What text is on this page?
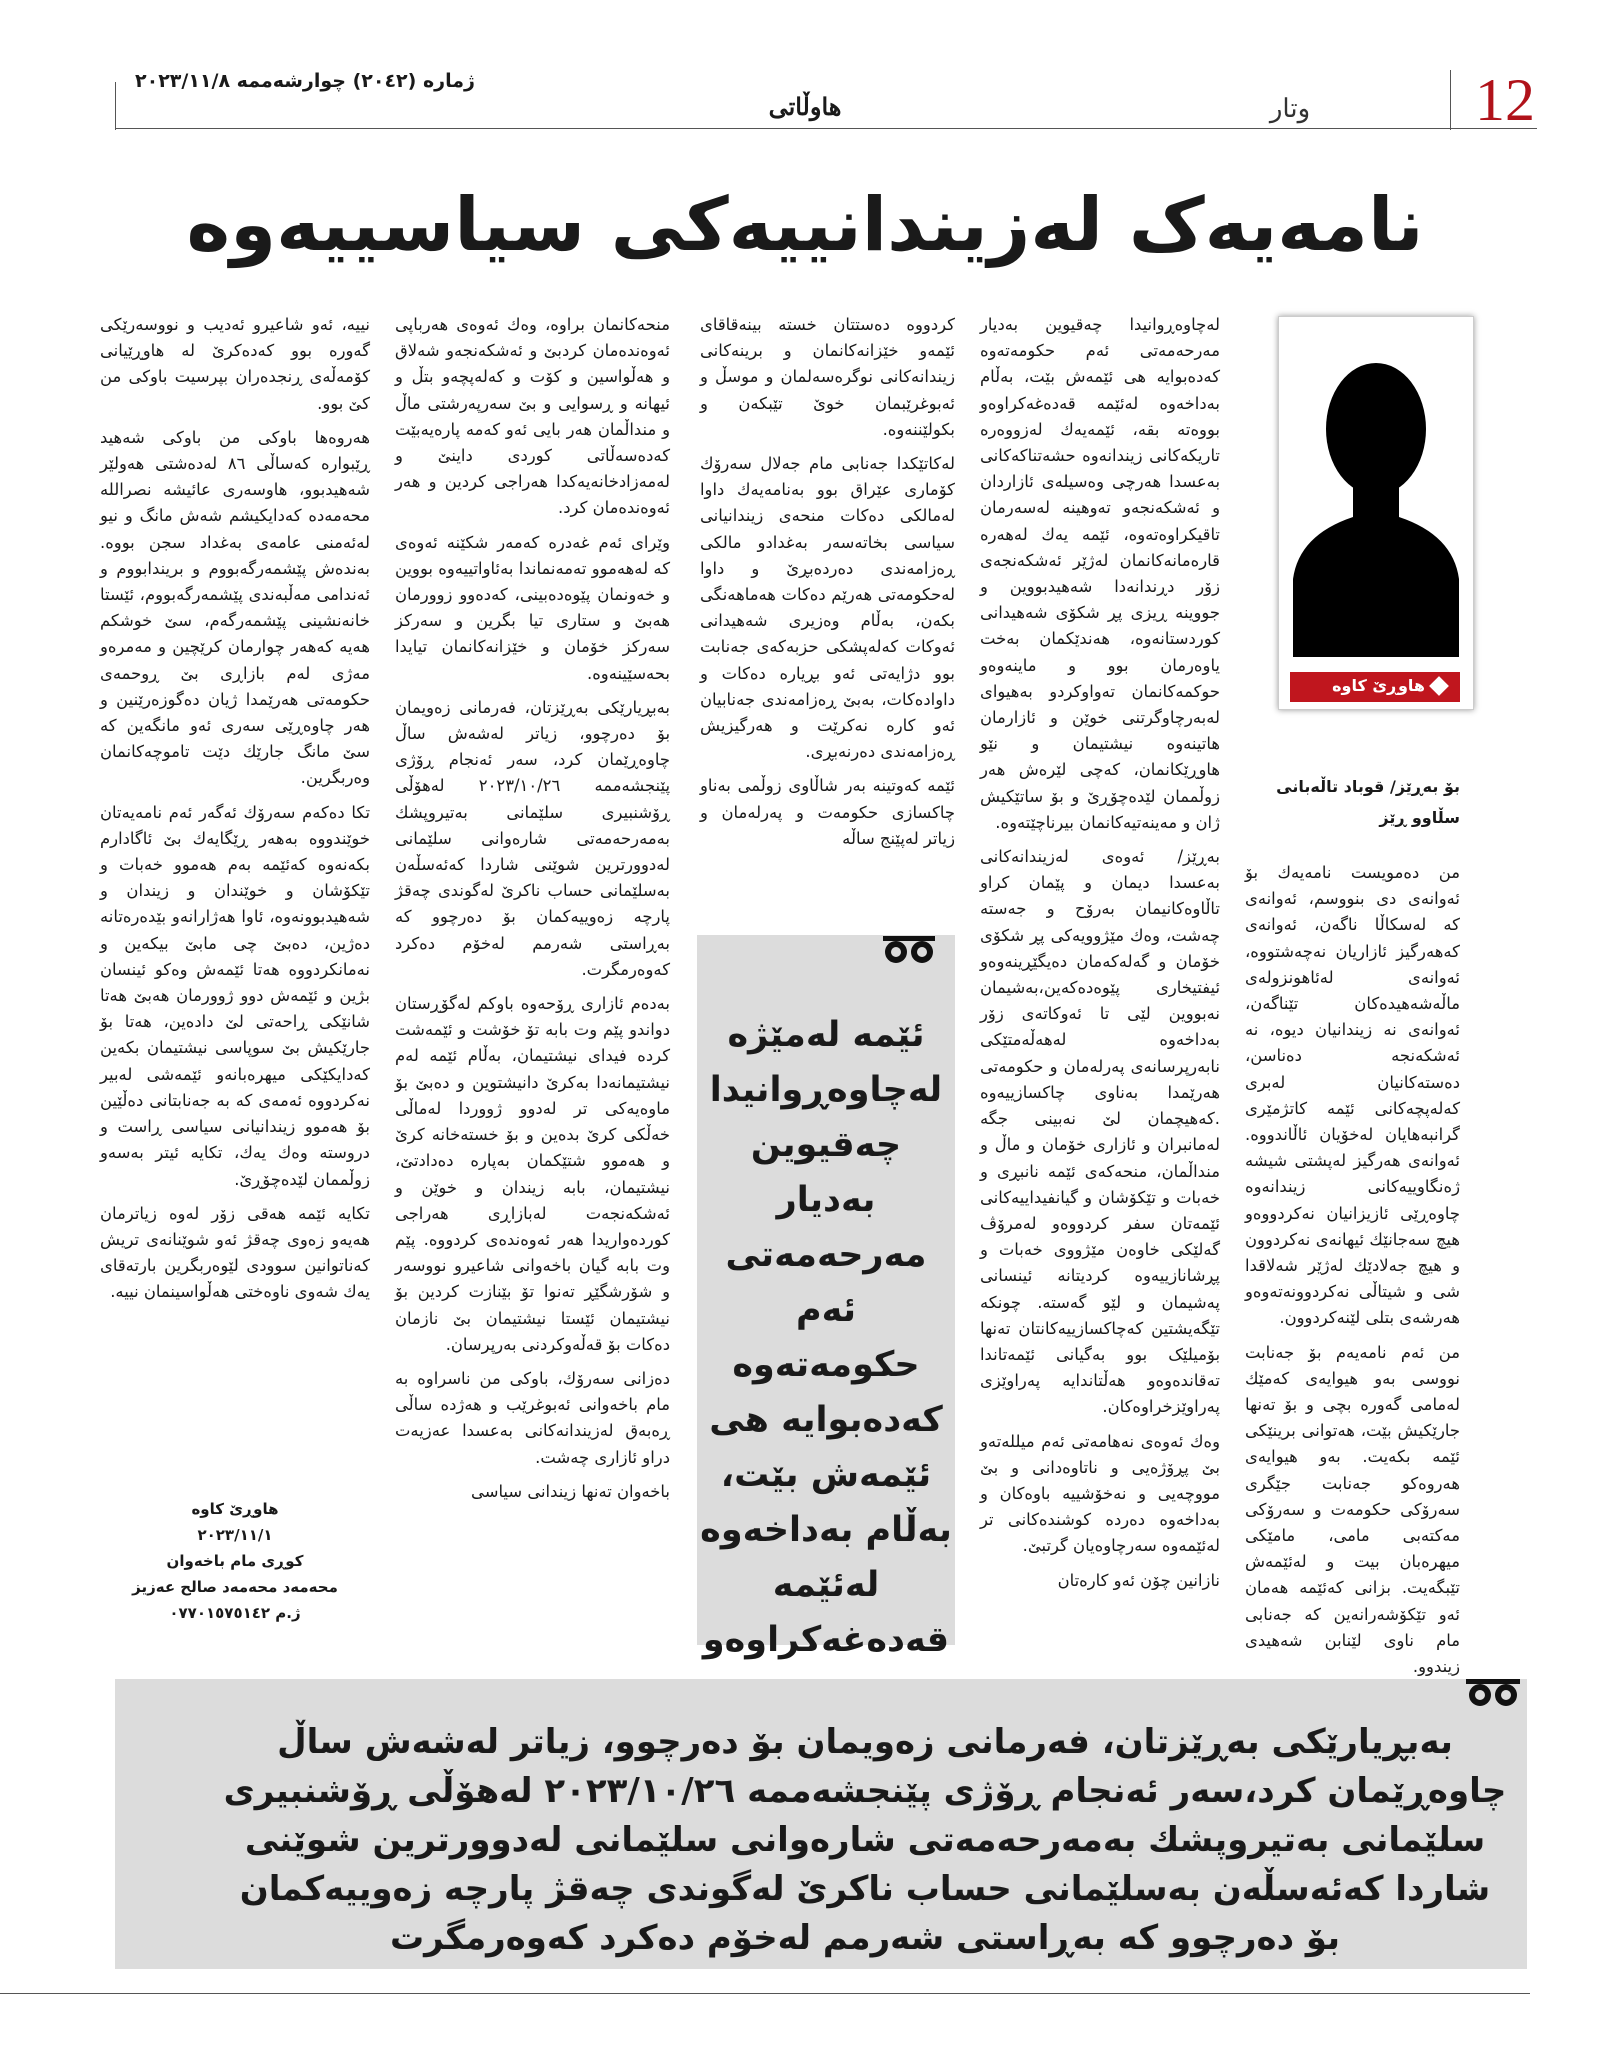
ژمارە (٢٠٤٢) چوارشەممە ٢٠٢٣/١١/٨
هاوڵاتی	وتار	12
نامەیەک لەزیندانییەکی سیاسییەوە
هاوڕێ کاوە
بۆ بەڕێز/ قوباد تاڵەبانی
سڵاوو ڕێز

من دەمویست نامەیەك بۆ ئەوانەی دی بنووسم، ئەوانەی كە لەسكاڵا ناگەن، ئەوانەی كەهەرگیز ئازاریان نەچەشتووە، ئەوانەی لەئاهونزولەی ماڵەشەهیدەکان تێناگەن، ئەوانەی نە زیندانیان دیوە، نە ئەشکەنجە دەناسن، دەستەکانیان لەبری کەلەپچەکانی ئێمە کاتژمێری گرانبەهایان لەخۆیان ئاڵاندووە. ئەوانەی هەرگیز لەپشتی شیشە ژەنگاوییەکانی زیندانەوە چاوەڕێی ئازیزانیان نەکردووەو هیچ سەجانێك ئیهانەی نەکردوون و هیچ جەلادێك لەژێر شەلاقدا شی و شیتاڵی نەکردوونەتەوەو هەرشەی بتلی لێنەکردوون.

من ئەم نامەیەم بۆ جەنابت نووسی بەو هیوایەی کەمێك لەمامی گەورە بچی و بۆ تەنها جارێکیش بێت، هەتوانی برینێکی ئێمە بکەیت. بەو هیوایەی هەروەکو جەنابت جێگری سەرۆکی حکومەت و سەرۆکی مەکتەبی مامی، مامێکی میهرەبان بیت و لەئێمەش تێبگەیت. بزانی کەئێمە هەمان ئەو تێکۆشەرانەین کە جەنابی مام ناوی لێنابن شەهیدی زیندوو.

لەچاوەڕوانیدا چەقیوین بەدیار مەرحەمەتی ئەم حکومەتەوە کەدەبوایە هی ئێمەش بێت، بەڵام بەداخەوە لەئێمە قەدەغەکراوەو بووەتە بقە، ئێمەیەك لەزووەرە تاریکەکانی زیندانەوە حشەتناکەکانی بەعسدا هەرچی وەسیلەی ئازاردان و ئەشکەنجەو تەوهینە لەسەرمان تاقیکراوەتەوە، ئێمە یەك لەهەرە قارەمانەکانمان لەژێر ئەشکەنجەی زۆر دڕندانەدا شەهیدبووین و جووینە ڕیزی پڕ شکۆی شەهیدانی کوردستانەوە، هەندێکمان بەخت یاوەرمان بوو و ماینەوەو حوکمەکانمان تەواوکردو بەهیوای لەبەرچاوگرتنی خوێن و ئازارمان هاتینەوە نیشتیمان و نێو هاوڕێکانمان، کەچی لێرەش هەر زوڵممان لێدەچۆڕێ و بۆ ساتێکیش ژان و مەینەتیەکانمان بیرناچێتەوە.

بەڕێز/ ئەوەی لەزیندانەکانی بەعسدا دیمان و پێمان کراو تاڵاوەکانیمان بەرۆح و جەستە چەشت، وەك مێژوویەکی پڕ شکۆی خۆمان و گەلەکەمان دەیگێڕینەوەو ئیفتیخاری پێوەدەکەین،بەشیمان نەبووین لێی تا ئەوکاتەی زۆر بەداخەوە لەهەڵەمتێکی نابەرپرسانەی پەرلەمان و حکومەتی هەرێمدا بەناوی چاکسازییەوە .کەهیچمان لێ نەبینی جگە لەمانبران و ئازاری خۆمان و ماڵ و منداڵمان، منحەکەی ئێمە نانبڕی و خەبات و تێکۆشان و گیانفیداییەکانی ئێمەتان سفر کردووەو لەمرۆڤ گەلێکی خاوەن مێژووی خەبات و پڕشانازییەوە کردیتانە ئینسانی پەشیمان و لێو گەستە. چونکە تێگەیشتین کەچاکسازییەکانتان تەنها بۆمیلێک بوو بەگیانی ئێمەتاندا تەقاندەوەو هەڵتاندایە پەراوێزی پەراوێزخراوەکان.

وەك ئەوەی نەهامەتی ئەم میللەتەو بێ پڕۆژەیی و ناتاوەدانی و بێ مووچەیی و نەخۆشییە باوەکان و بەداخەوە دەردە کوشندەکانی تر لەئێمەوە سەرچاوەیان گرتبێ.

نازانین چۆن ئەو کارەتان

کردووە دەستتان خستە بینەقاقای ئێمەو خێزانەکانمان و برینەکانی زیندانەکانی نوگرەسەلمان و موسڵ و ئەبوغرێبمان خوێ تێبکەن و بکولێننەوە.

لەکاتێکدا جەنابی مام جەلال سەرۆك کۆماری عێراق بوو بەنامەیەك داوا لەمالکی دەکات منحەی زیندانیانی سیاسی بخاتەسەر بەغدادو مالکی ڕەزامەندی دەردەبڕێ و داوا لەحکومەتی هەرێم دەکات هەماهەنگی بکەن، بەڵام وەزیری شەهیدانی ئەوکات کەلەپشکی حزبەکەی جەنابت بوو دژایەتی ئەو بڕیارە دەکات و داوادەکات، بەبێ ڕەزامەندی جەنابیان ئەو کارە نەکرێت و هەرگیزیش ڕەزامەندی دەرنەبڕی.

ئێمە کەوتینە بەر شاڵاوی زوڵمی بەناو چاکسازی حکومەت و پەرلەمان و زیاتر لەپێنج ساڵە

منحەکانمان براوە، وەك ئەوەی هەرباپی ئەوەندەمان کردبێ و ئەشکەنجەو شەلاق و هەڵواسین و کۆت و کەلەپچەو بتڵ و ئیهانە و ڕسوایی و بێ سەرپەرشتی ماڵ و منداڵمان هەر بایی ئەو کەمە پارەیەبێت کەدەسەڵاتی کوردی داینێ و لەمەزادخانەیەکدا هەراجی کردین و هەر ئەوەندەمان کرد.

وێرای ئەم غەدرە کەمەر شکێنە ئەوەی کە لەهەموو تەمەنماندا بەئاواتییەوە بووین و خەونمان پێوەدەبینی، کەدەوو زوورمان هەبێ و ستاری تیا بگرین و سەرکز سەرکز خۆمان و خێزانەکانمان تیایدا بحەسێینەوە.

بەبڕیارێکی بەڕێزتان، فەرمانی زەویمان بۆ دەرچوو، زیاتر لەشەش ساڵ چاوەڕێمان کرد، سەر ئەنجام ڕۆژی پێنجشەممە ٢٠٢٣/١٠/٢٦ لەهۆڵی ڕۆشنبیری سلێمانی بەتیروپشك بەمەرحەمەتی شارەوانی سلێمانی لەدوورترین شوێنی شاردا کەئەسڵەن بەسلێمانی حساب ناکرێ لەگوندی چەقژ پارچە زەوییەکمان بۆ دەرچوو کە بەڕاستی شەرمم لەخۆم دەکرد کەوەرمگرت.

بەدەم ئازاری ڕۆحەوە باوکم لەگۆڕستان دواندو پێم وت بابە تۆ خۆشت و ئێمەشت کردە فیدای نیشتیمان، بەڵام ئێمە لەم نیشتیمانەدا بەکرێ دانیشتوین و دەبێ بۆ ماوەیەکی تر لەدوو ژووردا لەماڵی خەڵکی کرێ بدەین و بۆ خستەخانە کرێ و هەموو شتێکمان بەپارە دەدادتێ، نیشتیمان، بابە زیندان و خوێن و ئەشکەنجەت لەبازاڕی هەراجی کوردەواریدا هەر ئەوەندەی کردووە. پێم وت بابە گیان باخەوانی شاعیرو نووسەر و شۆرشگێڕ تەنوا تۆ بێنازت کردین بۆ نیشتیمان ئێستا نیشتیمان بێ نازمان دەکات بۆ قەڵەوکردنی بەرپرسان.

دەزانی سەرۆك، باوکی من ناسراوە بە مام باخەوانی ئەبوغرێب و هەژدە ساڵی ڕەبەق لەزیندانەکانی بەعسدا عەزیەت دراو ئازاری چەشت.

باخەوان تەنها زیندانی سیاسی

نییە، ئەو شاعیرو ئەدیب و نووسەرێکی گەورە بوو کەدەکرێ لە هاوڕێیانی کۆمەڵەی ڕنجدەران بپرسیت باوکی من کێ بوو.

هەروەها باوکی من باوکی شەهید ڕێبوارە کەساڵی ٨٦ لەدەشتی هەولێر شەهیدبوو، هاوسەری عائیشە نصراللە محەمەدە کەدایکیشم شەش مانگ و نیو لەئەمنی عامەی بەغداد سجن بووە. بەندەش پێشمەرگەبووم و بریندابووم و ئەندامی مەڵبەندی پێشمەرگەبووم، ئێستا خانەنشینی پێشمەرگەم، سێ خوشکم هەیە کەهەر چوارمان کرێچین و مەمرەو مەژی لەم بازاڕی بێ ڕوحمەی حکومەتی هەرێمدا ژیان دەگوزەرێنین و هەر چاوەڕێی سەری ئەو مانگەین کە سێ مانگ جارێك دێت تاموچەکانمان وەربگرین.

تکا دەکەم سەرۆك ئەگەر ئەم نامەیەتان خوێندووە بەهەر ڕێگایەك بێ ئاگادارم بکەنەوە کەئێمە بەم هەموو خەبات و تێکۆشان و خوێندان و زیندان و شەهیدبوونەوە، ئاوا هەژارانەو بێدەرەتانە دەژین، دەبێ چی مابێ بیکەین و نەمانکردووە هەتا ئێمەش وەکو ئینسان بژین و ئێمەش دوو ژوورمان هەبێ هەتا شانێکی ڕاحەتی لێ دادەین، هەتا بۆ جارێکیش بێ سوپاسی نیشتیمان بکەین کەدایکێکی میهرەبانەو ئێمەشی لەبیر نەکردووە ئەمەی کە بە جەنابتانی دەڵێین بۆ هەموو زیندانیانی سیاسی ڕاست و دروستە وەك یەك، تکایە ئیتر بەسەو زوڵممان لێدەچۆڕێ.

تکایە ئێمە هەقی زۆر لەوە زیاترمان هەیەو زەوی چەقژ ئەو شوێنانەی تریش کەناتوانین سوودی لێوەربگرین بارتەقای یەك شەوی ناوەختی هەڵواسینمان نییە.

هاوڕێ کاوە
٢٠٢٣/١١/١
کوڕی مام باخەوان
محەمەد محەمەد صالح عەزیز
ژ.م ٠٧٧٠١٥٧٥١٤٢
ئێمە لەمێژە لەچاوەڕوانیدا چەقیوین بەدیار مەرحەمەتی ئەم حکومەتەوە کەدەبوایە هی ئێمەش بێت، بەڵام بەداخەوە لەئێمە قەدەغەکراوەو
بەبڕیارێکی بەڕێزتان، فەرمانی زەویمان بۆ دەرچوو، زیاتر لەشەش ساڵ چاوەڕێمان کرد،سەر ئەنجام ڕۆژی پێنجشەممە ٢٠٢٣/١٠/٢٦ لەهۆڵی ڕۆشنبیری سلێمانی بەتیروپشك بەمەرحەمەتی شارەوانی سلێمانی لەدوورترین شوێنی شاردا کەئەسڵەن بەسلێمانی حساب ناکرێ لەگوندی چەقژ پارچە زەوییەکمان بۆ دەرچوو کە بەڕاستی شەرمم لەخۆم دەکرد کەوەرمگرت
